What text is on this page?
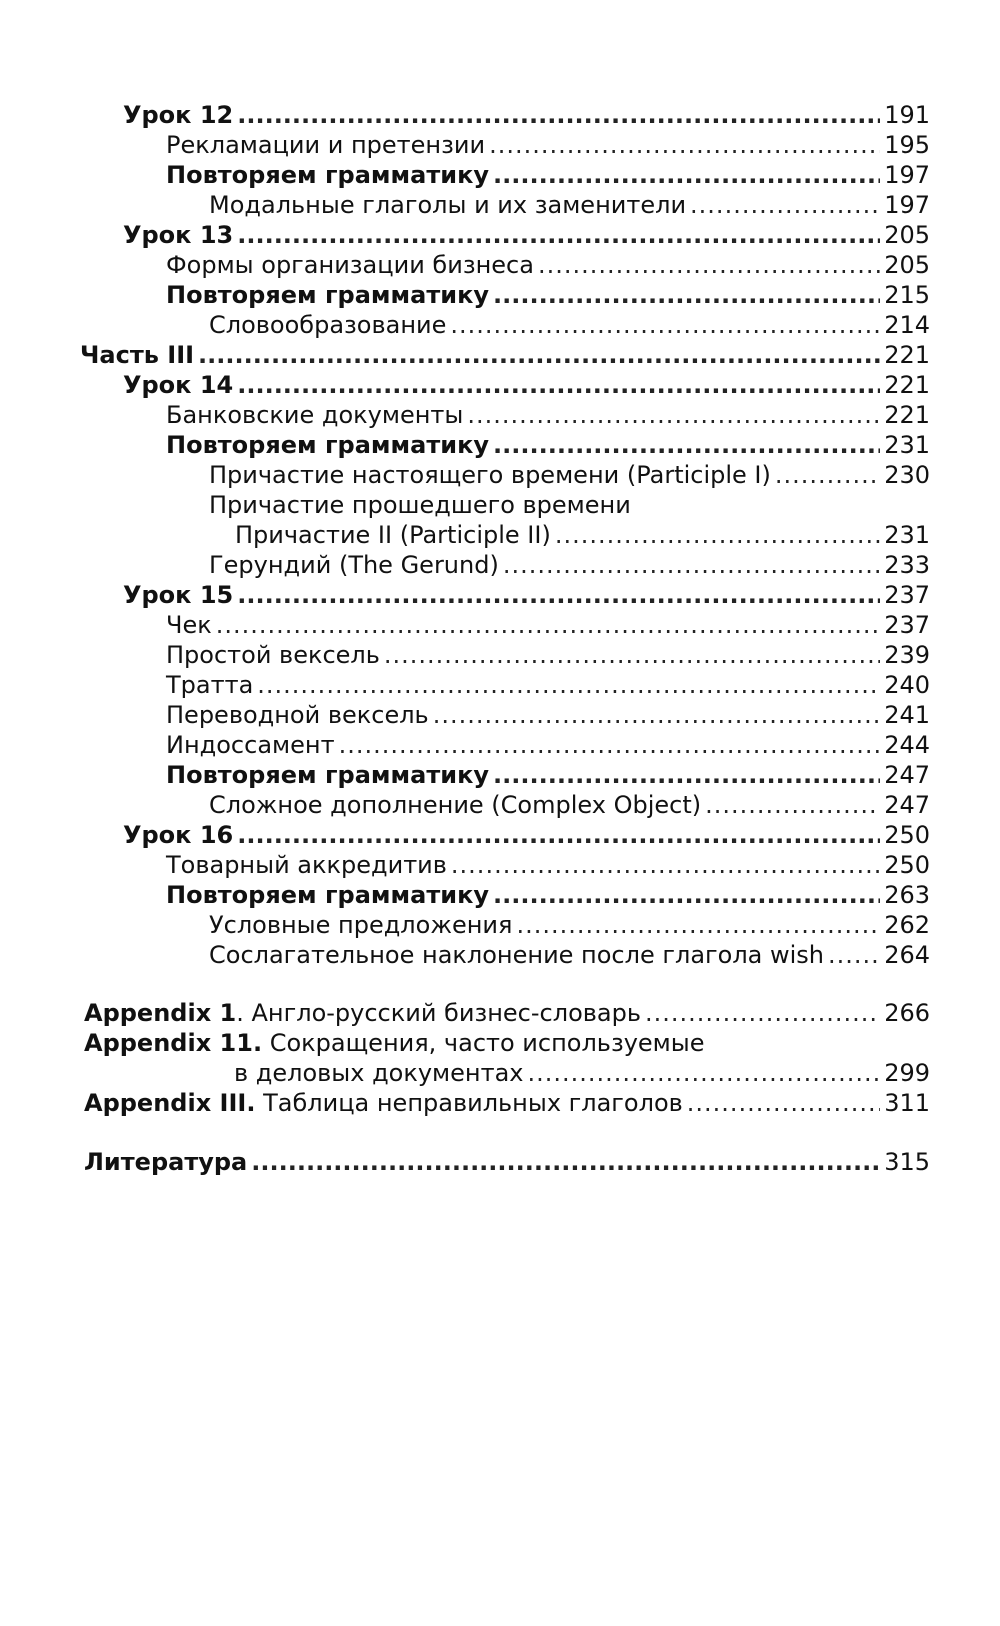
Урок 12 .....	191
Рекламации и претензии .....	195
Повторяем грамматику .....	197
Модальные глаголы и их заменители .....	197
Урок 13 .....	205
Формы организации бизнеса .....	205
Повторяем грамматику .....	215
Словообразование .....	214
Часть III .....	221
Урок 14 .....	221
Банковские документы .....	221
Повторяем грамматику .....	231
Причастие настоящего времени (Participle I) .....	230
Причастие прошедшего времени
Причастие II (Participle II) .....	231
Герундий (The Gerund) .....	233
Урок 15 .....	237
Чек .....	237
Простой вексель .....	239
Тратта .....	240
Переводной вексель .....	241
Индоссамент .....	244
Повторяем грамматику .....	247
Сложное дополнение (Complex Object) .....	247
Урок 16 .....	250
Товарный аккредитив .....	250
Повторяем грамматику .....	263
Условные предложения .....	262
Сослагательное наклонение после глагола wish .....	264
Appendix 1. Англо-русский бизнес-словарь .....	266
Appendix 11. Сокращения, часто используемые
в деловых документах .....	299
Appendix III. Таблица неправильных глаголов .....	311
Литература .....	315
